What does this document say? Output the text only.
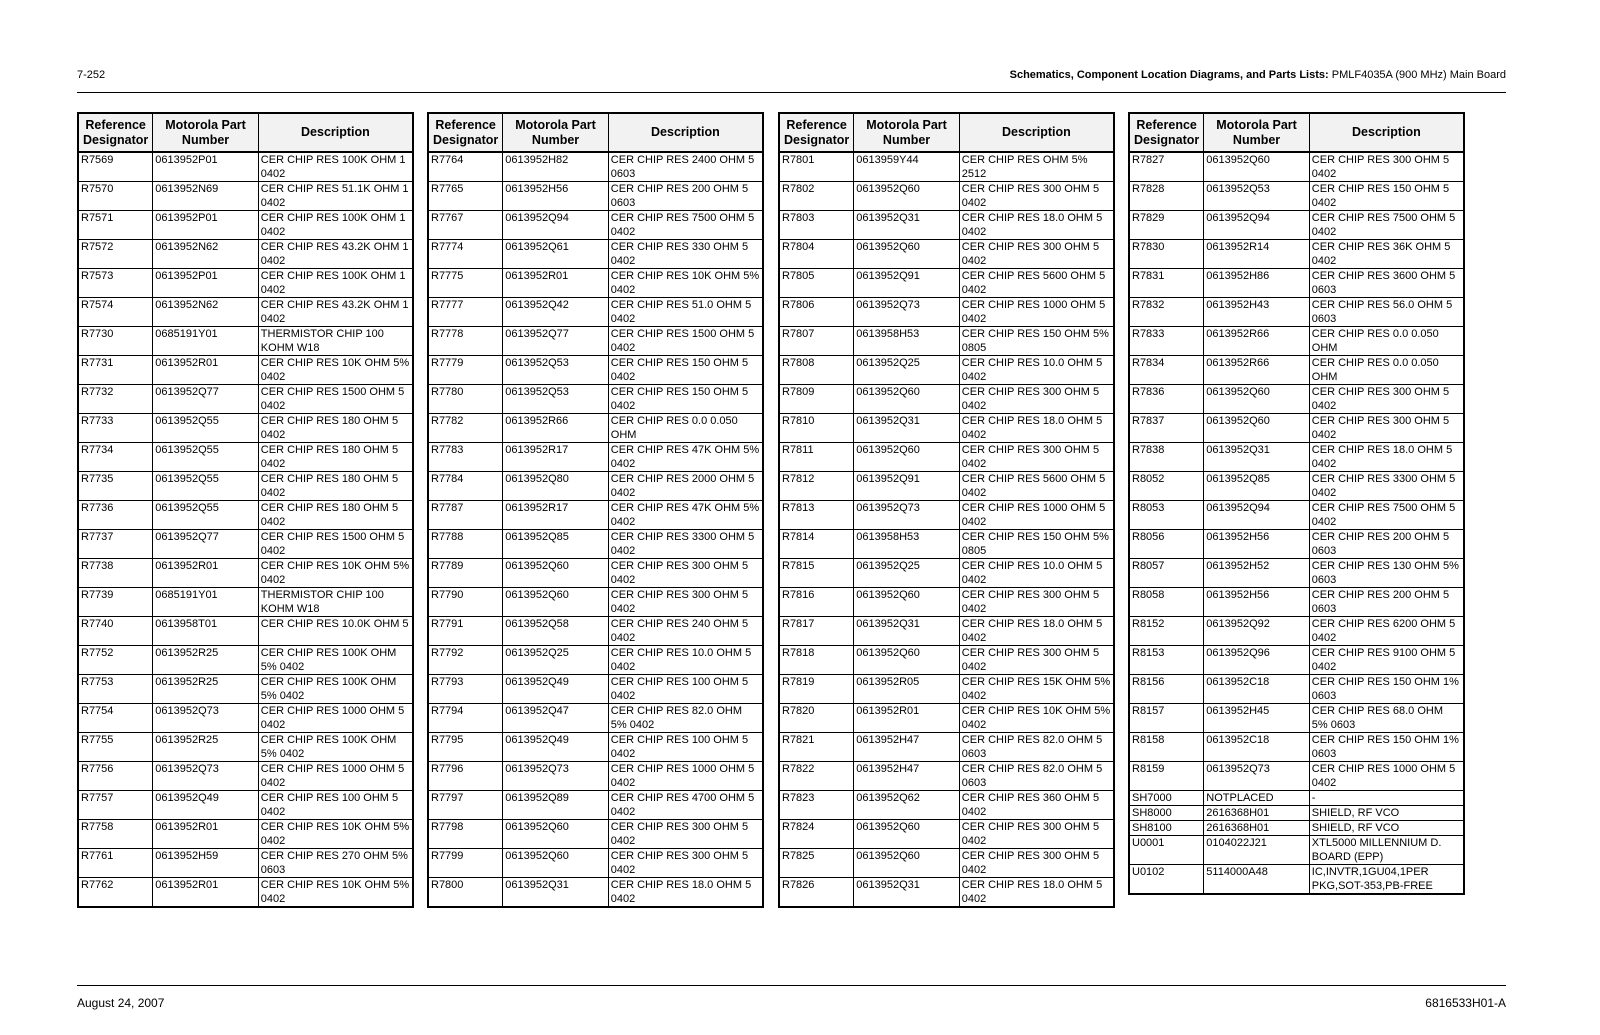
7-252	Schematics, Component Location Diagrams, and Parts Lists: PMLF4035A (900 MHz) Main Board
Reference Designator	Motorola Part Number	Description
R7569	0613952P01	CER CHIP RES 100K OHM 1 0402
R7570	0613952N69	CER CHIP RES 51.1K OHM 1 0402
R7571	0613952P01	CER CHIP RES 100K OHM 1 0402
R7572	0613952N62	CER CHIP RES 43.2K OHM 1 0402
R7573	0613952P01	CER CHIP RES 100K OHM 1 0402
R7574	0613952N62	CER CHIP RES 43.2K OHM 1 0402
R7730	0685191Y01	THERMISTOR CHIP 100 KOHM W18
R7731	0613952R01	CER CHIP RES 10K OHM 5% 0402
R7732	0613952Q77	CER CHIP RES 1500 OHM 5 0402
R7733	0613952Q55	CER CHIP RES 180 OHM 5 0402
R7734	0613952Q55	CER CHIP RES 180 OHM 5 0402
R7735	0613952Q55	CER CHIP RES 180 OHM 5 0402
R7736	0613952Q55	CER CHIP RES 180 OHM 5 0402
R7737	0613952Q77	CER CHIP RES 1500 OHM 5 0402
R7738	0613952R01	CER CHIP RES 10K OHM 5% 0402
R7739	0685191Y01	THERMISTOR CHIP 100 KOHM W18
R7740	0613958T01	CER CHIP RES 10.0K OHM 5
R7752	0613952R25	CER CHIP RES 100K OHM 5% 0402
R7753	0613952R25	CER CHIP RES 100K OHM 5% 0402
R7754	0613952Q73	CER CHIP RES 1000 OHM 5 0402
R7755	0613952R25	CER CHIP RES 100K OHM 5% 0402
R7756	0613952Q73	CER CHIP RES 1000 OHM 5 0402
R7757	0613952Q49	CER CHIP RES 100 OHM 5 0402
R7758	0613952R01	CER CHIP RES 10K OHM 5% 0402
R7761	0613952H59	CER CHIP RES 270 OHM 5% 0603
R7762	0613952R01	CER CHIP RES 10K OHM 5% 0402
Reference Designator	Motorola Part Number	Description
R7764	0613952H82	CER CHIP RES 2400 OHM 5 0603
R7765	0613952H56	CER CHIP RES 200 OHM 5 0603
R7767	0613952Q94	CER CHIP RES 7500 OHM 5 0402
R7774	0613952Q61	CER CHIP RES 330 OHM 5 0402
R7775	0613952R01	CER CHIP RES 10K OHM 5% 0402
R7777	0613952Q42	CER CHIP RES 51.0 OHM 5 0402
R7778	0613952Q77	CER CHIP RES 1500 OHM 5 0402
R7779	0613952Q53	CER CHIP RES 150 OHM 5 0402
R7780	0613952Q53	CER CHIP RES 150 OHM 5 0402
R7782	0613952R66	CER CHIP RES 0.0 0.050 OHM
R7783	0613952R17	CER CHIP RES 47K OHM 5% 0402
R7784	0613952Q80	CER CHIP RES 2000 OHM 5 0402
R7787	0613952R17	CER CHIP RES 47K OHM 5% 0402
R7788	0613952Q85	CER CHIP RES 3300 OHM 5 0402
R7789	0613952Q60	CER CHIP RES 300 OHM 5 0402
R7790	0613952Q60	CER CHIP RES 300 OHM 5 0402
R7791	0613952Q58	CER CHIP RES 240 OHM 5 0402
R7792	0613952Q25	CER CHIP RES 10.0 OHM 5 0402
R7793	0613952Q49	CER CHIP RES 100 OHM 5 0402
R7794	0613952Q47	CER CHIP RES 82.0 OHM 5% 0402
R7795	0613952Q49	CER CHIP RES 100 OHM 5 0402
R7796	0613952Q73	CER CHIP RES 1000 OHM 5 0402
R7797	0613952Q89	CER CHIP RES 4700 OHM 5 0402
R7798	0613952Q60	CER CHIP RES 300 OHM 5 0402
R7799	0613952Q60	CER CHIP RES 300 OHM 5 0402
R7800	0613952Q31	CER CHIP RES 18.0 OHM 5 0402
Reference Designator	Motorola Part Number	Description
R7801	0613959Y44	CER CHIP RES OHM 5% 2512
R7802	0613952Q60	CER CHIP RES 300 OHM 5 0402
R7803	0613952Q31	CER CHIP RES 18.0 OHM 5 0402
R7804	0613952Q60	CER CHIP RES 300 OHM 5 0402
R7805	0613952Q91	CER CHIP RES 5600 OHM 5 0402
R7806	0613952Q73	CER CHIP RES 1000 OHM 5 0402
R7807	0613958H53	CER CHIP RES 150 OHM 5% 0805
R7808	0613952Q25	CER CHIP RES 10.0 OHM 5 0402
R7809	0613952Q60	CER CHIP RES 300 OHM 5 0402
R7810	0613952Q31	CER CHIP RES 18.0 OHM 5 0402
R7811	0613952Q60	CER CHIP RES 300 OHM 5 0402
R7812	0613952Q91	CER CHIP RES 5600 OHM 5 0402
R7813	0613952Q73	CER CHIP RES 1000 OHM 5 0402
R7814	0613958H53	CER CHIP RES 150 OHM 5% 0805
R7815	0613952Q25	CER CHIP RES 10.0 OHM 5 0402
R7816	0613952Q60	CER CHIP RES 300 OHM 5 0402
R7817	0613952Q31	CER CHIP RES 18.0 OHM 5 0402
R7818	0613952Q60	CER CHIP RES 300 OHM 5 0402
R7819	0613952R05	CER CHIP RES 15K OHM 5% 0402
R7820	0613952R01	CER CHIP RES 10K OHM 5% 0402
R7821	0613952H47	CER CHIP RES 82.0 OHM 5 0603
R7822	0613952H47	CER CHIP RES 82.0 OHM 5 0603
R7823	0613952Q62	CER CHIP RES 360 OHM 5 0402
R7824	0613952Q60	CER CHIP RES 300 OHM 5 0402
R7825	0613952Q60	CER CHIP RES 300 OHM 5 0402
R7826	0613952Q31	CER CHIP RES 18.0 OHM 5 0402
Reference Designator	Motorola Part Number	Description
R7827	0613952Q60	CER CHIP RES 300 OHM 5 0402
R7828	0613952Q53	CER CHIP RES 150 OHM 5 0402
R7829	0613952Q94	CER CHIP RES 7500 OHM 5 0402
R7830	0613952R14	CER CHIP RES 36K OHM 5 0402
R7831	0613952H86	CER CHIP RES 3600 OHM 5 0603
R7832	0613952H43	CER CHIP RES 56.0 OHM 5 0603
R7833	0613952R66	CER CHIP RES 0.0 0.050 OHM
R7834	0613952R66	CER CHIP RES 0.0 0.050 OHM
R7836	0613952Q60	CER CHIP RES 300 OHM 5 0402
R7837	0613952Q60	CER CHIP RES 300 OHM 5 0402
R7838	0613952Q31	CER CHIP RES 18.0 OHM 5 0402
R8052	0613952Q85	CER CHIP RES 3300 OHM 5 0402
R8053	0613952Q94	CER CHIP RES 7500 OHM 5 0402
R8056	0613952H56	CER CHIP RES 200 OHM 5 0603
R8057	0613952H52	CER CHIP RES 130 OHM 5% 0603
R8058	0613952H56	CER CHIP RES 200 OHM 5 0603
R8152	0613952Q92	CER CHIP RES 6200 OHM 5 0402
R8153	0613952Q96	CER CHIP RES 9100 OHM 5 0402
R8156	0613952C18	CER CHIP RES 150 OHM 1% 0603
R8157	0613952H45	CER CHIP RES 68.0 OHM 5% 0603
R8158	0613952C18	CER CHIP RES 150 OHM 1% 0603
R8159	0613952Q73	CER CHIP RES 1000 OHM 5 0402
SH7000	NOTPLACED	-
SH8000	2616368H01	SHIELD, RF VCO
SH8100	2616368H01	SHIELD, RF VCO
U0001	0104022J21	XTL5000 MILLENNIUM D. BOARD (EPP)
U0102	5114000A48	IC,INVTR,1GU04,1PER PKG,SOT-353,PB-FREE
August 24, 2007	6816533H01-A
